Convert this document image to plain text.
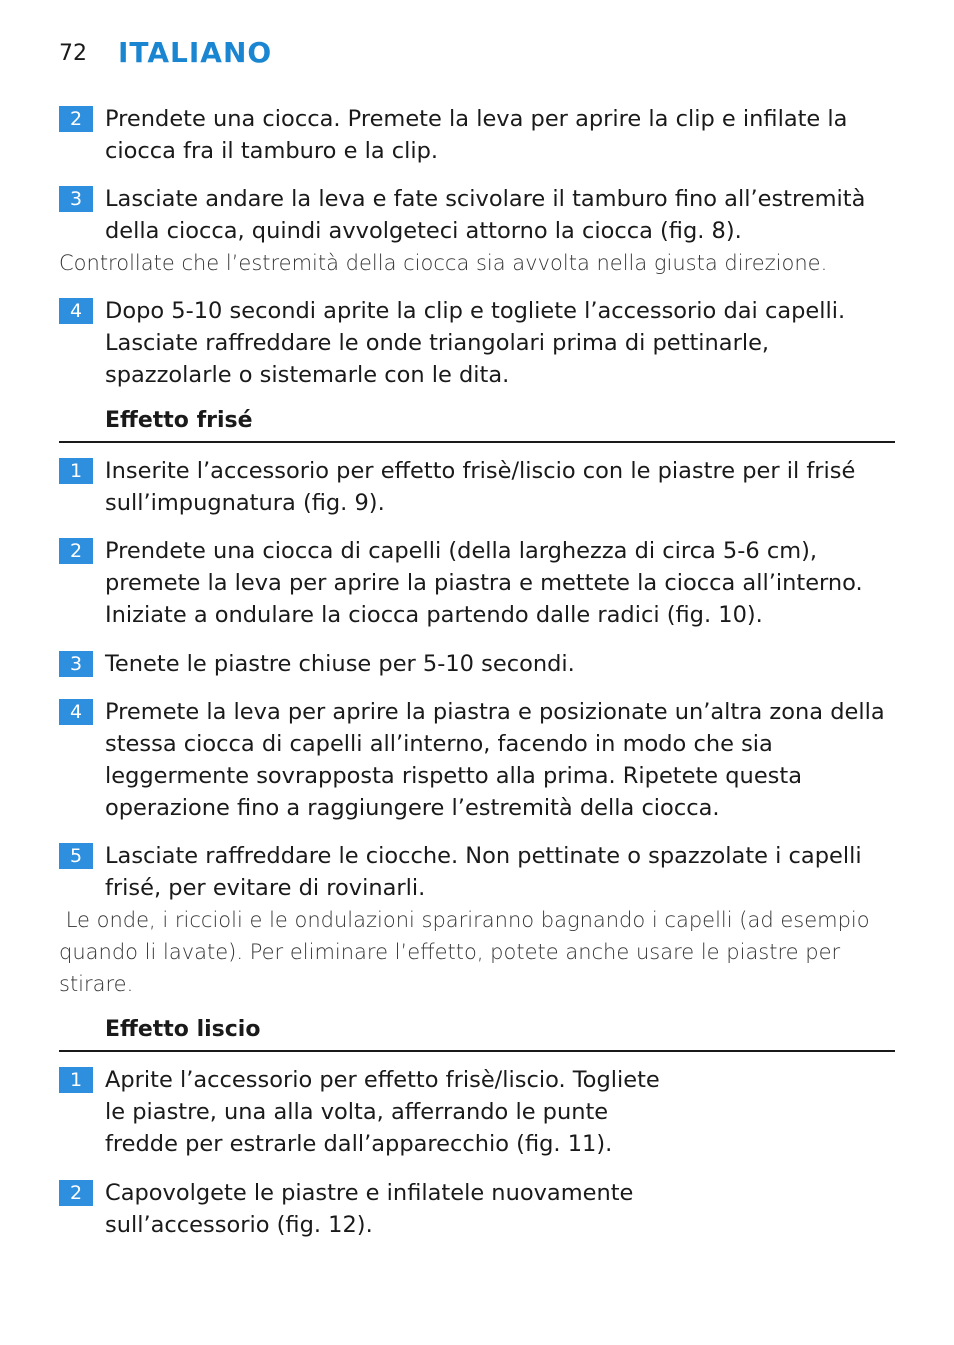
72 ITALIANO
2	Prendete una ciocca. Premete la leva per aprire la clip e infilate la ciocca fra il tamburo e la clip.
3	Lasciate andare la leva e fate scivolare il tamburo fino all’estremità della ciocca, quindi avvolgeteci attorno la ciocca (fig. 8).
Controllate che l’estremità della ciocca sia avvolta nella giusta direzione.
4	Dopo 5-10 secondi aprite la clip e togliete l’accessorio dai capelli. Lasciate raffreddare le onde triangolari prima di pettinarle, spazzolarle o sistemarle con le dita.
Effetto frisé
1	Inserite l’accessorio per effetto frisè/liscio con le piastre per il frisé sull’impugnatura (fig. 9).
2	Prendete una ciocca di capelli (della larghezza di circa 5-6 cm), premete la leva per aprire la piastra e mettete la ciocca all’interno. Iniziate a ondulare la ciocca partendo dalle radici (fig. 10).
3	Tenete le piastre chiuse per 5-10 secondi.
4	Premete la leva per aprire la piastra e posizionate un’altra zona della stessa ciocca di capelli all’interno, facendo in modo che sia leggermente sovrapposta rispetto alla prima. Ripetete questa operazione fino a raggiungere l’estremità della ciocca.
5	Lasciate raffreddare le ciocche. Non pettinate o spazzolate i capelli frisé, per evitare di rovinarli.
Le onde, i riccioli e le ondulazioni spariranno bagnando i capelli (ad esempio quando li lavate). Per eliminare l’effetto, potete anche usare le piastre per stirare.
Effetto liscio
1	Aprite l’accessorio per effetto frisè/liscio. Togliete le piastre, una alla volta, afferrando le punte fredde per estrarle dall’apparecchio (fig. 11).
2	Capovolgete le piastre e infilatele nuovamente sull’accessorio (fig. 12).
